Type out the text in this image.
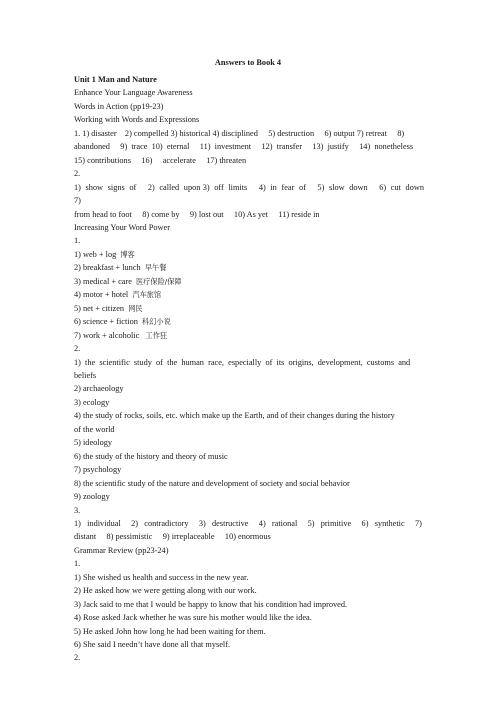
Answers to Book 4
Unit 1 Man and Nature
Enhance Your Language Awareness
Words in Action (pp19-23)
Working with Words and Expressions
1. 1) disaster    2) compelled 3) historical 4) disciplined     5) destruction     6) output 7) retreat     8)
abandoned     9)  trace  10)  eternal     11)  investment     12)  transfer     13)  justify     14)  nonetheless
15) contributions     16)     accelerate     17) threaten
2.
1)  show  signs  of     2)  called  upon 3)  off  limits     4)  in  fear  of     5)  slow  down     6)  cut  down     7)
from head to foot     8) come by     9) lost out     10) As yet     11) reside in
Increasing Your Word Power
1.
1) web + log  博客
2) breakfast + lunch  早午餐
3) medical + care  医疗保险/保障
4) motor + hotel  汽车旅馆
5) net + citizen  网民
6) science + fiction  科幻小说
7) work + alcoholic   工作狂
2.
1)  the  scientific  study  of  the  human  race,  especially  of  its  origins,  development,  customs  and
beliefs
2) archaeology
3) ecology
4) the study of rocks, soils, etc. which make up the Earth, and of their changes during the history
of the world
5) ideology
6) the study of the history and theory of music
7) psychology
8) the scientific study of the nature and development of society and social behavior
9) zoology
3.
1)   individual     2)   contradictory     3)   destructive     4)   rational     5)   primitive     6)   synthetic     7)
distant     8) pessimistic     9) irreplaceable     10) enormous
Grammar Review (pp23-24)
1.
1) She wished us health and success in the new year.
2) He asked how we were getting along with our work.
3) Jack said to me that I would be happy to know that his condition had improved.
4) Rose asked Jack whether he was sure his mother would like the idea.
5) He asked John how long he had been waiting for them.
6) She said I needn’t have done all that myself.
2.
